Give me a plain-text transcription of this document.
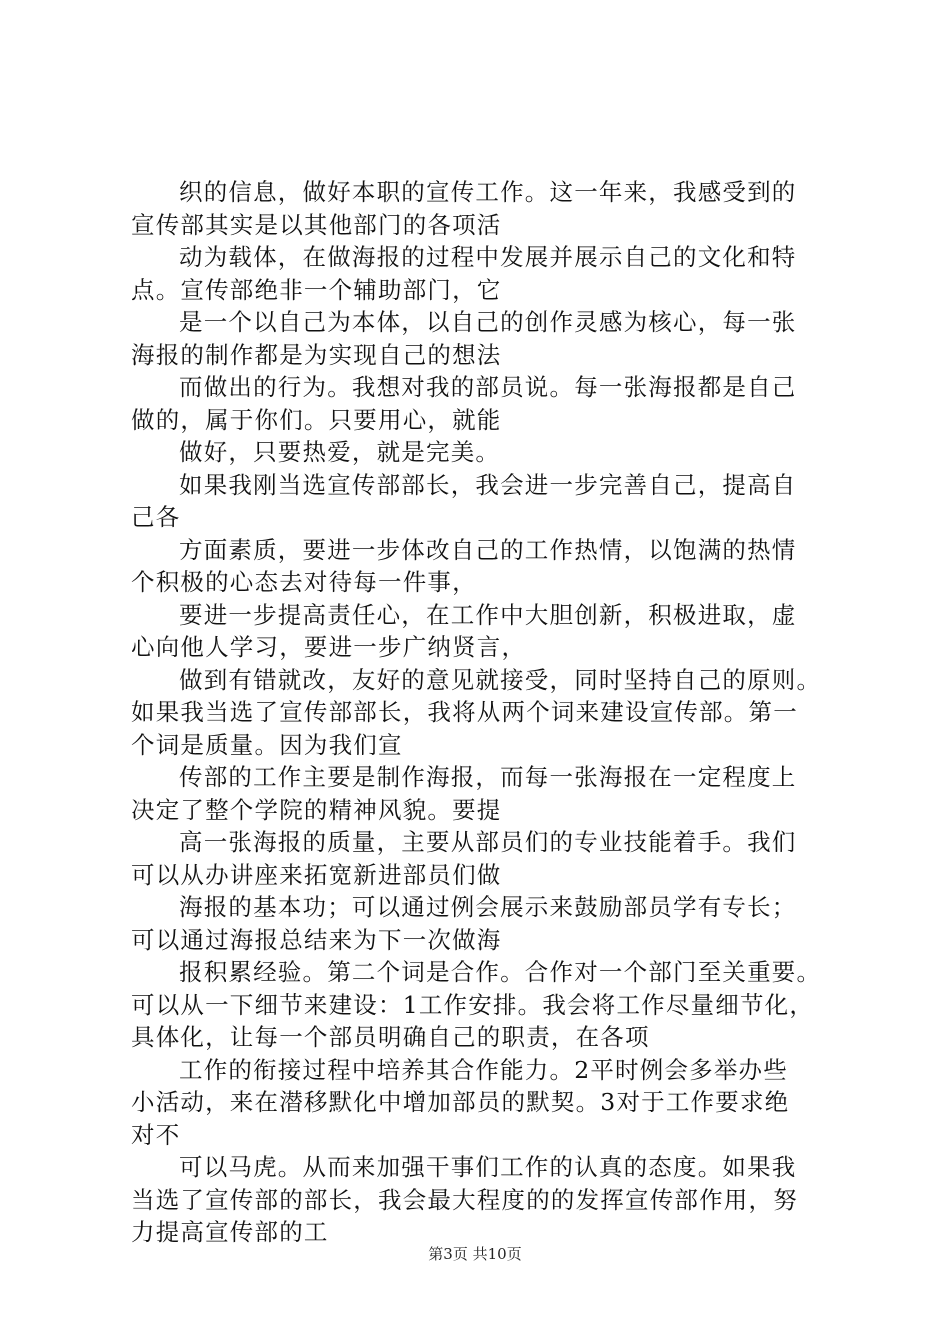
织的信息，做好本职的宣传工作。这一年来，我感受到的
宣传部其实是以其他部门的各项活
动为载体，在做海报的过程中发展并展示自己的文化和特
点。宣传部绝非一个辅助部门，它
是一个以自己为本体，以自己的创作灵感为核心，每一张
海报的制作都是为实现自己的想法
而做出的行为。我想对我的部员说。每一张海报都是自己
做的，属于你们。只要用心，就能
做好，只要热爱，就是完美。
如果我刚当选宣传部部长，我会进一步完善自己，提高自
己各
方面素质，要进一步体改自己的工作热情，以饱满的热情
个积极的心态去对待每一件事，
要进一步提高责任心，在工作中大胆创新，积极进取，虚
心向他人学习，要进一步广纳贤言，
做到有错就改，友好的意见就接受，同时坚持自己的原则。
如果我当选了宣传部部长，我将从两个词来建设宣传部。第一
个词是质量。因为我们宣
传部的工作主要是制作海报，而每一张海报在一定程度上
决定了整个学院的精神风貌。要提
高一张海报的质量，主要从部员们的专业技能着手。我们
可以从办讲座来拓宽新进部员们做
海报的基本功；可以通过例会展示来鼓励部员学有专长；
可以通过海报总结来为下一次做海
报积累经验。第二个词是合作。合作对一个部门至关重要。
可以从一下细节来建设：1工作安排。我会将工作尽量细节化，
具体化，让每一个部员明确自己的职责，在各项
工作的衔接过程中培养其合作能力。2平时例会多举办些
小活动，来在潜移默化中增加部员的默契。3对于工作要求绝
对不
可以马虎。从而来加强干事们工作的认真的态度。如果我
当选了宣传部的部长，我会最大程度的的发挥宣传部作用，努
力提高宣传部的工
第3页 共10页
